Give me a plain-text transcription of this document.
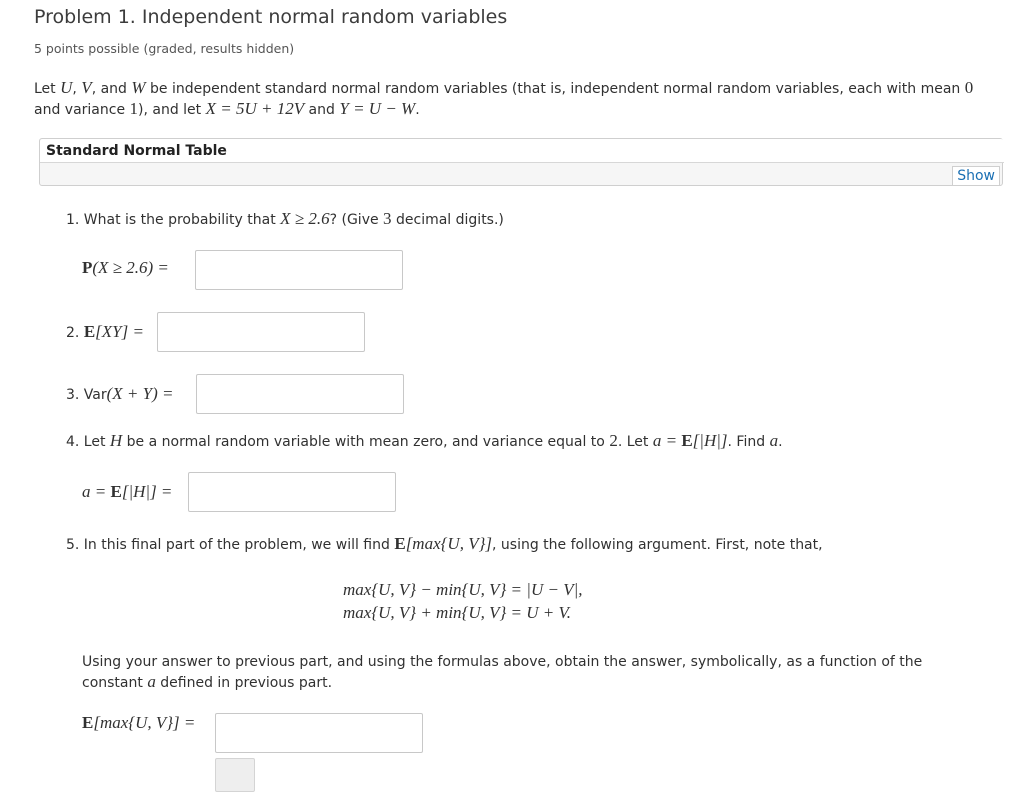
Problem 1. Independent normal random variables
5 points possible (graded, results hidden)
Let U, V, and W be independent standard normal random variables (that is, independent normal random variables, each with mean 0 and variance 1), and let X = 5U + 12V and Y = U − W.
Standard Normal Table
Show
1. What is the probability that X ≥ 2.6? (Give 3 decimal digits.)
P(X ≥ 2.6) =
2. E[XY] =
3. Var(X + Y) =
4. Let H be a normal random variable with mean zero, and variance equal to 2. Let a = E[|H|]. Find a.
a = E[|H|] =
5. In this final part of the problem, we will find E[max{U, V}], using the following argument. First, note that,
max{U, V} − min{U, V} = |U − V|,
max{U, V} + min{U, V} = U + V.
Using your answer to previous part, and using the formulas above, obtain the answer, symbolically, as a function of the constant a defined in previous part.
E[max{U, V}] =
